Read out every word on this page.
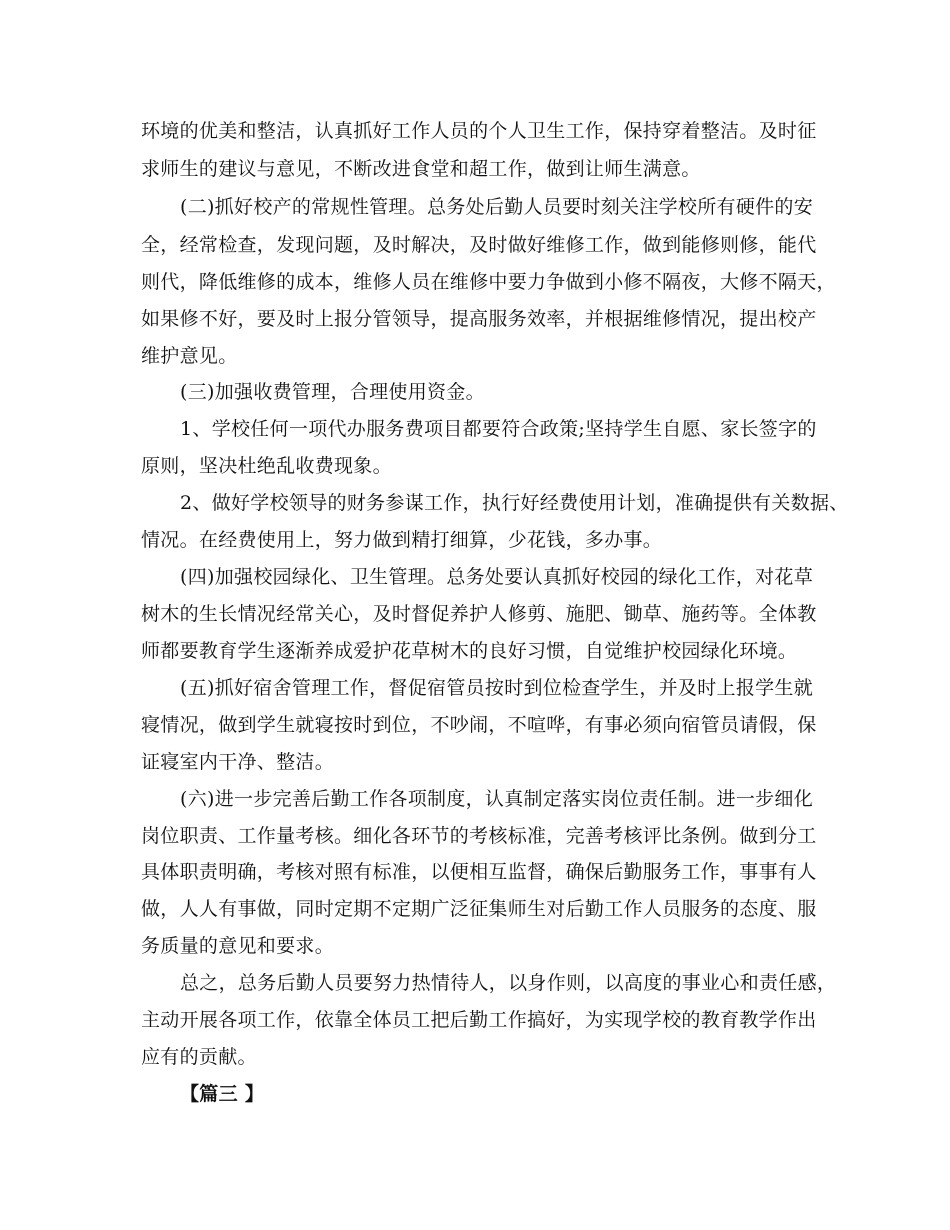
环境的优美和整洁，认真抓好工作人员的个人卫生工作，保持穿着整洁。及时征
求师生的建议与意见，不断改进食堂和超工作，做到让师生满意。
(二)抓好校产的常规性管理。总务处后勤人员要时刻关注学校所有硬件的安
全，经常检查，发现问题，及时解决，及时做好维修工作，做到能修则修，能代
则代，降低维修的成本，维修人员在维修中要力争做到小修不隔夜，大修不隔天，
如果修不好，要及时上报分管领导，提高服务效率，并根据维修情况，提出校产
维护意见。
(三)加强收费管理，合理使用资金。
1、学校任何一项代办服务费项目都要符合政策;坚持学生自愿、家长签字的
原则，坚决杜绝乱收费现象。
2、做好学校领导的财务参谋工作，执行好经费使用计划，准确提供有关数据、
情况。在经费使用上，努力做到精打细算，少花钱，多办事。
(四)加强校园绿化、卫生管理。总务处要认真抓好校园的绿化工作，对花草
树木的生长情况经常关心，及时督促养护人修剪、施肥、锄草、施药等。全体教
师都要教育学生逐渐养成爱护花草树木的良好习惯，自觉维护校园绿化环境。
(五)抓好宿舍管理工作，督促宿管员按时到位检查学生，并及时上报学生就
寝情况，做到学生就寝按时到位，不吵闹，不喧哗，有事必须向宿管员请假，保
证寝室内干净、整洁。
(六)进一步完善后勤工作各项制度，认真制定落实岗位责任制。进一步细化
岗位职责、工作量考核。细化各环节的考核标准，完善考核评比条例。做到分工
具体职责明确，考核对照有标准，以便相互监督，确保后勤服务工作，事事有人
做，人人有事做，同时定期不定期广泛征集师生对后勤工作人员服务的态度、服
务质量的意见和要求。
总之，总务后勤人员要努力热情待人，以身作则，以高度的事业心和责任感，
主动开展各项工作，依靠全体员工把后勤工作搞好，为实现学校的教育教学作出
应有的贡献。
【篇三 】
